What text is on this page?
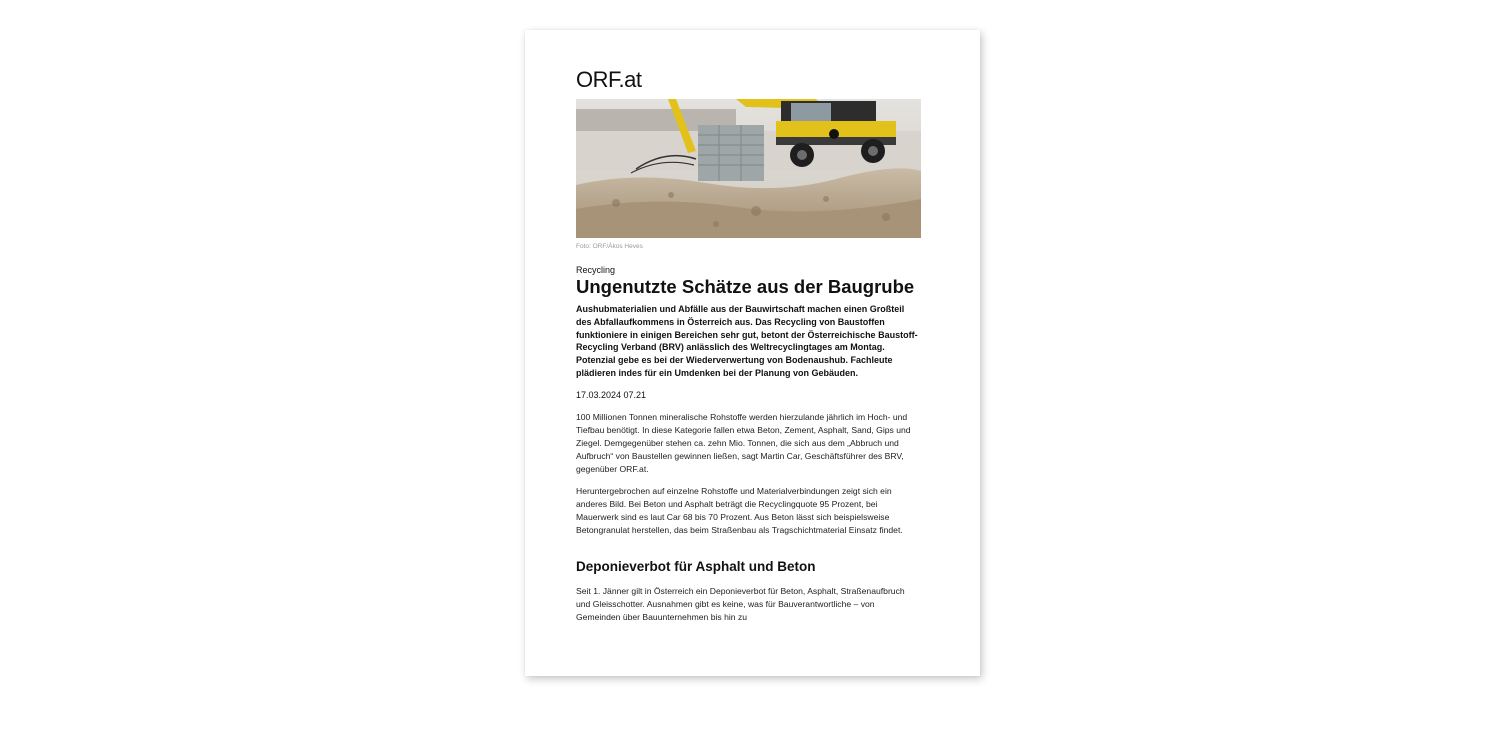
ORF.at
Foto: ORF/Ákos Heves
Recycling
Ungenutzte Schätze aus der Baugrube

Aushubmaterialien und Abfälle aus der Bauwirtschaft machen einen Großteil des Abfallaufkommens in Österreich aus. Das Recycling von Baustoffen funktioniere in einigen Bereichen sehr gut, betont der Österreichische Baustoff-Recycling Verband (BRV) anlässlich des Weltrecyclingtages am Montag. Potenzial gebe es bei der Wiederverwertung von Bodenaushub. Fachleute plädieren indes für ein Umdenken bei der Planung von Gebäuden.

17.03.2024 07.21

100 Millionen Tonnen mineralische Rohstoffe werden hierzulande jährlich im Hoch- und Tiefbau benötigt. In diese Kategorie fallen etwa Beton, Zement, Asphalt, Sand, Gips und Ziegel. Demgegenüber stehen ca. zehn Mio. Tonnen, die sich aus dem „Abbruch und Aufbruch“ von Baustellen gewinnen ließen, sagt Martin Car, Geschäftsführer des BRV, gegenüber ORF.at.

Heruntergebrochen auf einzelne Rohstoffe und Materialverbindungen zeigt sich ein anderes Bild. Bei Beton und Asphalt beträgt die Recyclingquote 95 Prozent, bei Mauerwerk sind es laut Car 68 bis 70 Prozent. Aus Beton lässt sich beispielsweise Betongranulat herstellen, das beim Straßenbau als Tragschichtmaterial Einsatz findet.

Deponieverbot für Asphalt und Beton

Seit 1. Jänner gilt in Österreich ein Deponieverbot für Beton, Asphalt, Straßenaufbruch und Gleisschotter. Ausnahmen gibt es keine, was für Bauverantwortliche – von Gemeinden über Bauunternehmen bis hin zu
